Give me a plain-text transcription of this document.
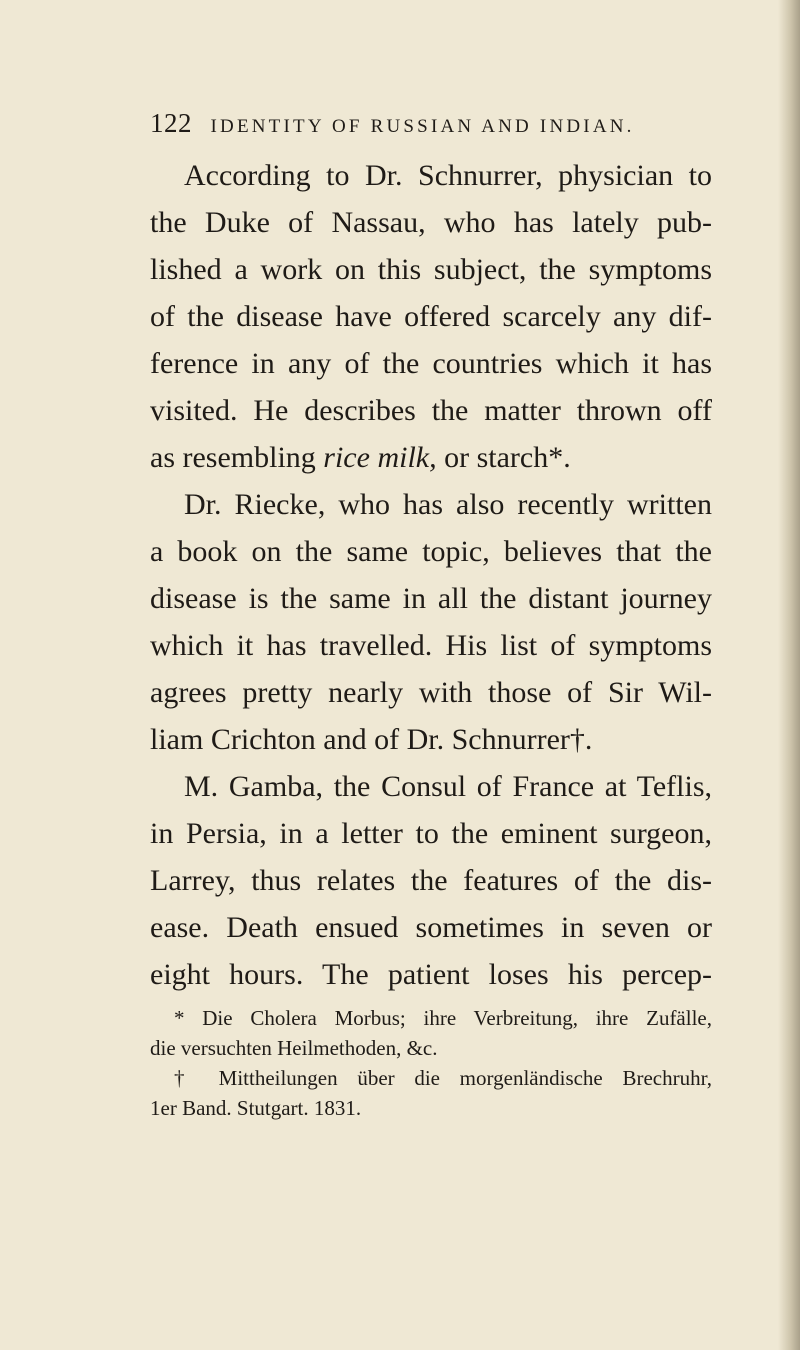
122 IDENTITY OF RUSSIAN AND INDIAN.
According to Dr. Schnurrer, physician to
the Duke of Nassau, who has lately pub-
lished a work on this subject, the symptoms
of the disease have offered scarcely any dif-
ference in any of the countries which it has
visited. He describes the matter thrown off
as resembling rice milk, or starch*.
Dr. Riecke, who has also recently written
a book on the same topic, believes that the
disease is the same in all the distant journey
which it has travelled. His list of symptoms
agrees pretty nearly with those of Sir Wil-
liam Crichton and of Dr. Schnurrer†.
M. Gamba, the Consul of France at Teflis,
in Persia, in a letter to the eminent surgeon,
Larrey, thus relates the features of the dis-
ease. Death ensued sometimes in seven or
eight hours. The patient loses his percep-
* Die Cholera Morbus; ihre Verbreitung, ihre Zufälle,
die versuchten Heilmethoden, &c.
† Mittheilungen über die morgenländische Brechruhr,
1er Band. Stutgart. 1831.
